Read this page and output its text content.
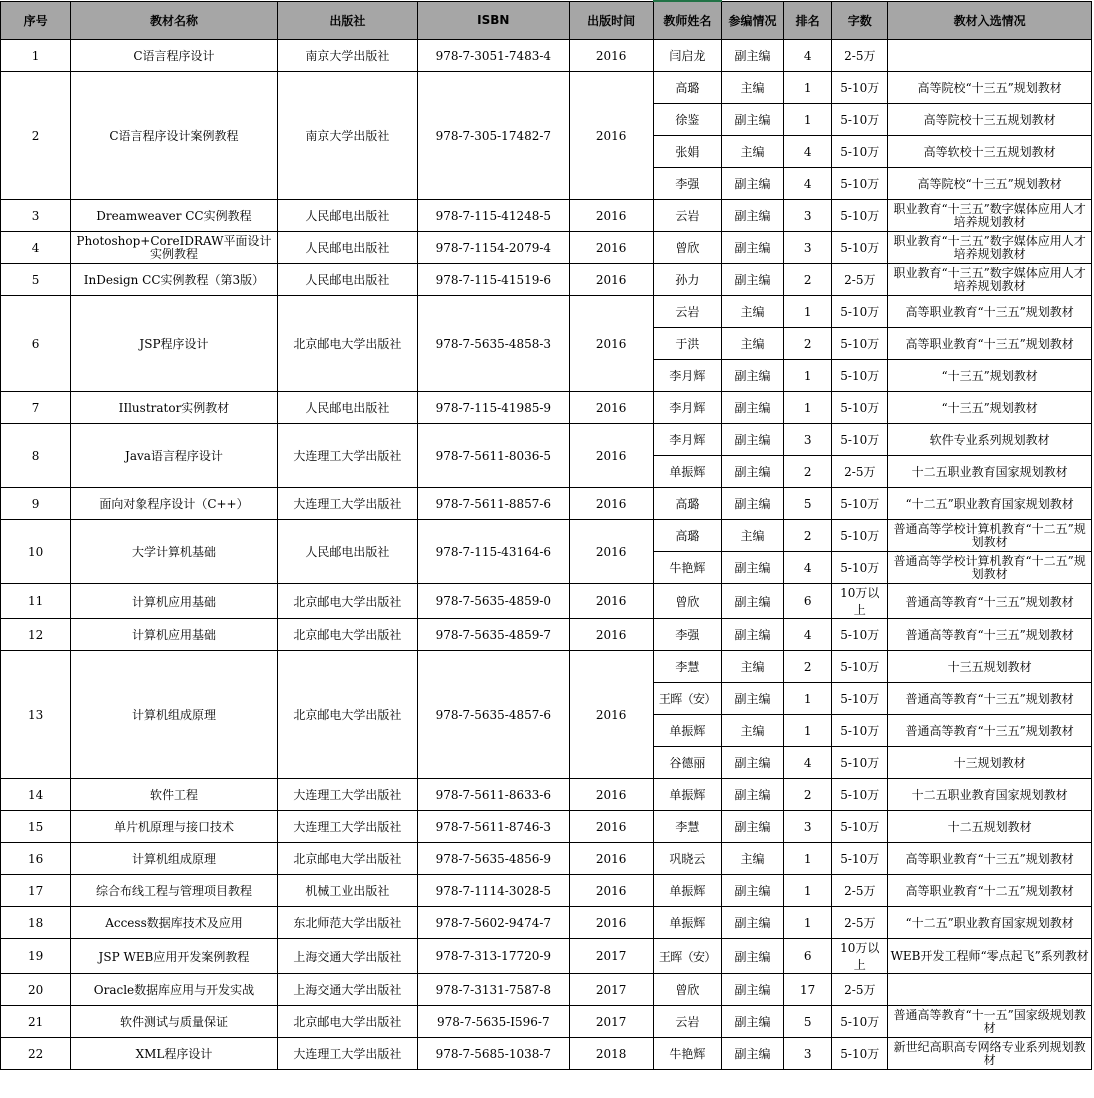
序号	教材名称	出版社	ISBN	出版时间	教师姓名	参编情况	排名	字数	教材入选情况
1	C语言程序设计	南京大学出版社	978-7-3051-7483-4	2016	闫启龙	副主编	4	2-5万	
2	C语言程序设计案例教程	南京大学出版社	978-7-305-17482-7	2016	高璐	主编	1	5-10万	高等院校“十三五”规划教材
					徐鉴	副主编	1	5-10万	高等院校十三五规划教材
					张娟	主编	4	5-10万	高等软校十三五规划教材
					李强	副主编	4	5-10万	高等院校“十三五”规划教材
3	Dreamweaver CC实例教程	人民邮电出版社	978-7-115-41248-5	2016	云岩	副主编	3	5-10万	职业教育“十三五”数字媒体应用人才培养规划教材
4	Photoshop+CoreIDRAW平面设计实例教程	人民邮电出版社	978-7-1154-2079-4	2016	曾欣	副主编	3	5-10万	职业教育“十三五”数字媒体应用人才培养规划教材
5	InDesign CC实例教程（第3版）	人民邮电出版社	978-7-115-41519-6	2016	孙力	副主编	2	2-5万	职业教育“十三五”数字媒体应用人才培养规划教材
6	JSP程序设计	北京邮电大学出版社	978-7-5635-4858-3	2016	云岩	主编	1	5-10万	高等职业教育“十三五”规划教材
					于洪	主编	2	5-10万	高等职业教育“十三五”规划教材
					李月辉	副主编	1	5-10万	“十三五”规划教材
7	IIlustrator实例教材	人民邮电出版社	978-7-115-41985-9	2016	李月辉	副主编	1	5-10万	“十三五”规划教材
8	Java语言程序设计	大连理工大学出版社	978-7-5611-8036-5	2016	李月辉	副主编	3	5-10万	软件专业系列规划教材
					单振辉	副主编	2	2-5万	十二五职业教育国家规划教材
9	面向对象程序设计（C++）	大连理工大学出版社	978-7-5611-8857-6	2016	高璐	副主编	5	5-10万	“十二五”职业教育国家规划教材
10	大学计算机基础	人民邮电出版社	978-7-115-43164-6	2016	高璐	主编	2	5-10万	普通高等学校计算机教育“十二五”规划教材
					牛艳辉	副主编	4	5-10万	普通高等学校计算机教育“十二五”规划教材
11	计算机应用基础	北京邮电大学出版社	978-7-5635-4859-0	2016	曾欣	副主编	6	10万以上	普通高等教育“十三五”规划教材
12	计算机应用基础	北京邮电大学出版社	978-7-5635-4859-7	2016	李强	副主编	4	5-10万	普通高等教育“十三五”规划教材
13	计算机组成原理	北京邮电大学出版社	978-7-5635-4857-6	2016	李慧	主编	2	5-10万	十三五规划教材
					王晖（安）	副主编	1	5-10万	普通高等教育“十三五”规划教材
					单振辉	主编	1	5-10万	普通高等教育“十三五”规划教材
					谷德丽	副主编	4	5-10万	十三规划教材
14	软件工程	大连理工大学出版社	978-7-5611-8633-6	2016	单振辉	副主编	2	5-10万	十二五职业教育国家规划教材
15	单片机原理与接口技术	大连理工大学出版社	978-7-5611-8746-3	2016	李慧	副主编	3	5-10万	十二五规划教材
16	计算机组成原理	北京邮电大学出版社	978-7-5635-4856-9	2016	巩晓云	主编	1	5-10万	高等职业教育“十三五”规划教材
17	综合布线工程与管理项目教程	机械工业出版社	978-7-1114-3028-5	2016	单振辉	副主编	1	2-5万	高等职业教育“十二五”规划教材
18	Access数据库技术及应用	东北师范大学出版社	978-7-5602-9474-7	2016	单振辉	副主编	1	2-5万	“十二五”职业教育国家规划教材
19	JSP WEB应用开发案例教程	上海交通大学出版社	978-7-313-17720-9	2017	王晖（安）	副主编	6	10万以上	WEB开发工程师“零点起飞”系列教材
20	Oracle数据库应用与开发实战	上海交通大学出版社	978-7-3131-7587-8	2017	曾欣	副主编	17	2-5万	
21	软件测试与质量保证	北京邮电大学出版社	978-7-5635-I596-7	2017	云岩	副主编	5	5-10万	普通高等教育“十一五”国家级规划教材
22	XML程序设计	大连理工大学出版社	978-7-5685-1038-7	2018	牛艳辉	副主编	3	5-10万	新世纪高职高专网络专业系列规划教材
